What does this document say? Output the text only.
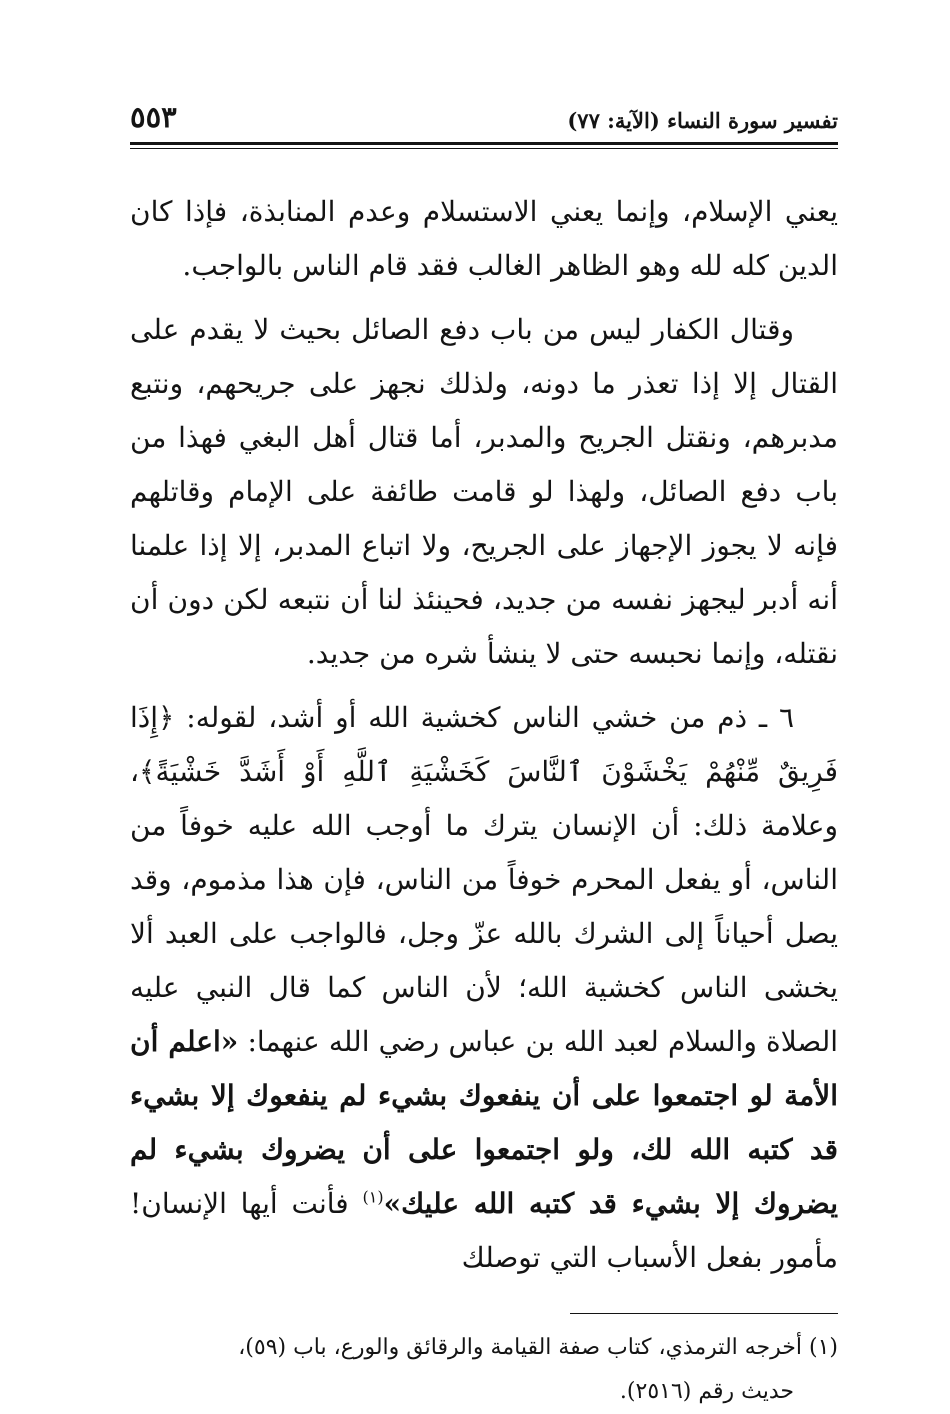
تفسير سورة النساء (الآية: ٧٧)
٥٥٣

يعني الإسلام، وإنما يعني الاستسلام وعدم المنابذة، فإذا كان الدين كله لله وهو الظاهر الغالب فقد قام الناس بالواجب.

وقتال الكفار ليس من باب دفع الصائل بحيث لا يقدم على القتال إلا إذا تعذر ما دونه، ولذلك نجهز على جريحهم، ونتبع مدبرهم، ونقتل الجريح والمدبر، أما قتال أهل البغي فهذا من باب دفع الصائل، ولهذا لو قامت طائفة على الإمام وقاتلهم فإنه لا يجوز الإجهاز على الجريح، ولا اتباع المدبر، إلا إذا علمنا أنه أدبر ليجهز نفسه من جديد، فحينئذ لنا أن نتبعه لكن دون أن نقتله، وإنما نحبسه حتى لا ينشأ شره من جديد.

٦ ـ ذم من خشي الناس كخشية الله أو أشد، لقوله: ﴿إِذَا فَرِيقٌ مِّنْهُمْ يَخْشَوْنَ ٱلنَّاسَ كَخَشْيَةِ ٱللَّهِ أَوْ أَشَدَّ خَشْيَةً﴾، وعلامة ذلك: أن الإنسان يترك ما أوجب الله عليه خوفاً من الناس، أو يفعل المحرم خوفاً من الناس، فإن هذا مذموم، وقد يصل أحياناً إلى الشرك بالله عزّ وجل، فالواجب على العبد ألا يخشى الناس كخشية الله؛ لأن الناس كما قال النبي عليه الصلاة والسلام لعبد الله بن عباس رضي الله عنهما: «اعلم أن الأمة لو اجتمعوا على أن ينفعوك بشيء لم ينفعوك إلا بشيء قد كتبه الله لك، ولو اجتمعوا على أن يضروك بشيء لم يضروك إلا بشيء قد كتبه الله عليك»$^{(١)}$ فأنت أيها الإنسان! مأمور بفعل الأسباب التي توصلك

(١) أخرجه الترمذي، كتاب صفة القيامة والرقائق والورع، باب (٥٩)،
حديث رقم (٢٥١٦).
